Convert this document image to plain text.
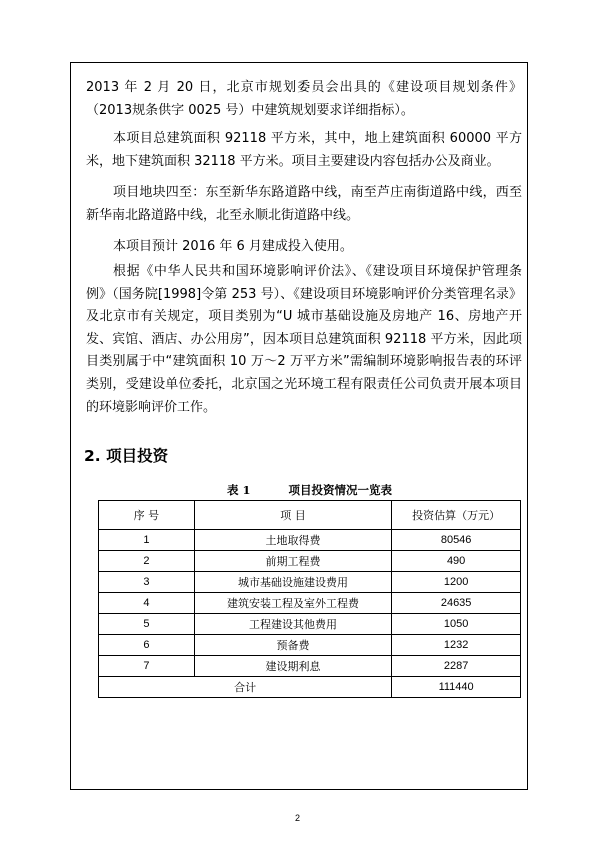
2013 年 2 月 20 日，北京市规划委员会出具的《建设项目规划条件》（2013规条供字 0025 号）中建筑规划要求详细指标）。

本项目总建筑面积 92118 平方米，其中，地上建筑面积 60000 平方米，地下建筑面积 32118 平方米。项目主要建设内容包括办公及商业。

项目地块四至：东至新华东路道路中线，南至芦庄南街道路中线，西至新华南北路道路中线，北至永顺北街道路中线。

本项目预计 2016 年 6 月建成投入使用。

根据《中华人民共和国环境影响评价法》、《建设项目环境保护管理条例》（国务院[1998]令第 253 号）、《建设项目环境影响评价分类管理名录》及北京市有关规定，项目类别为“U 城市基础设施及房地产 16、房地产开发、宾馆、酒店、办公用房”，因本项目总建筑面积 92118 平方米，因此项目类别属于中“建筑面积 10 万～2 万平方米”需编制环境影响报告表的环评类别，受建设单位委托，北京国之光环境工程有限责任公司负责开展本项目的环境影响评价工作。

2. 项目投资
表 1	项目投资情况一览表
序 号	项 目	投资估算（万元）
1	土地取得费	80546
2	前期工程费	490
3	城市基础设施建设费用	1200
4	建筑安装工程及室外工程费	24635
5	工程建设其他费用	1050
6	预备费	1232
7	建设期利息	2287
合计		111440
2
